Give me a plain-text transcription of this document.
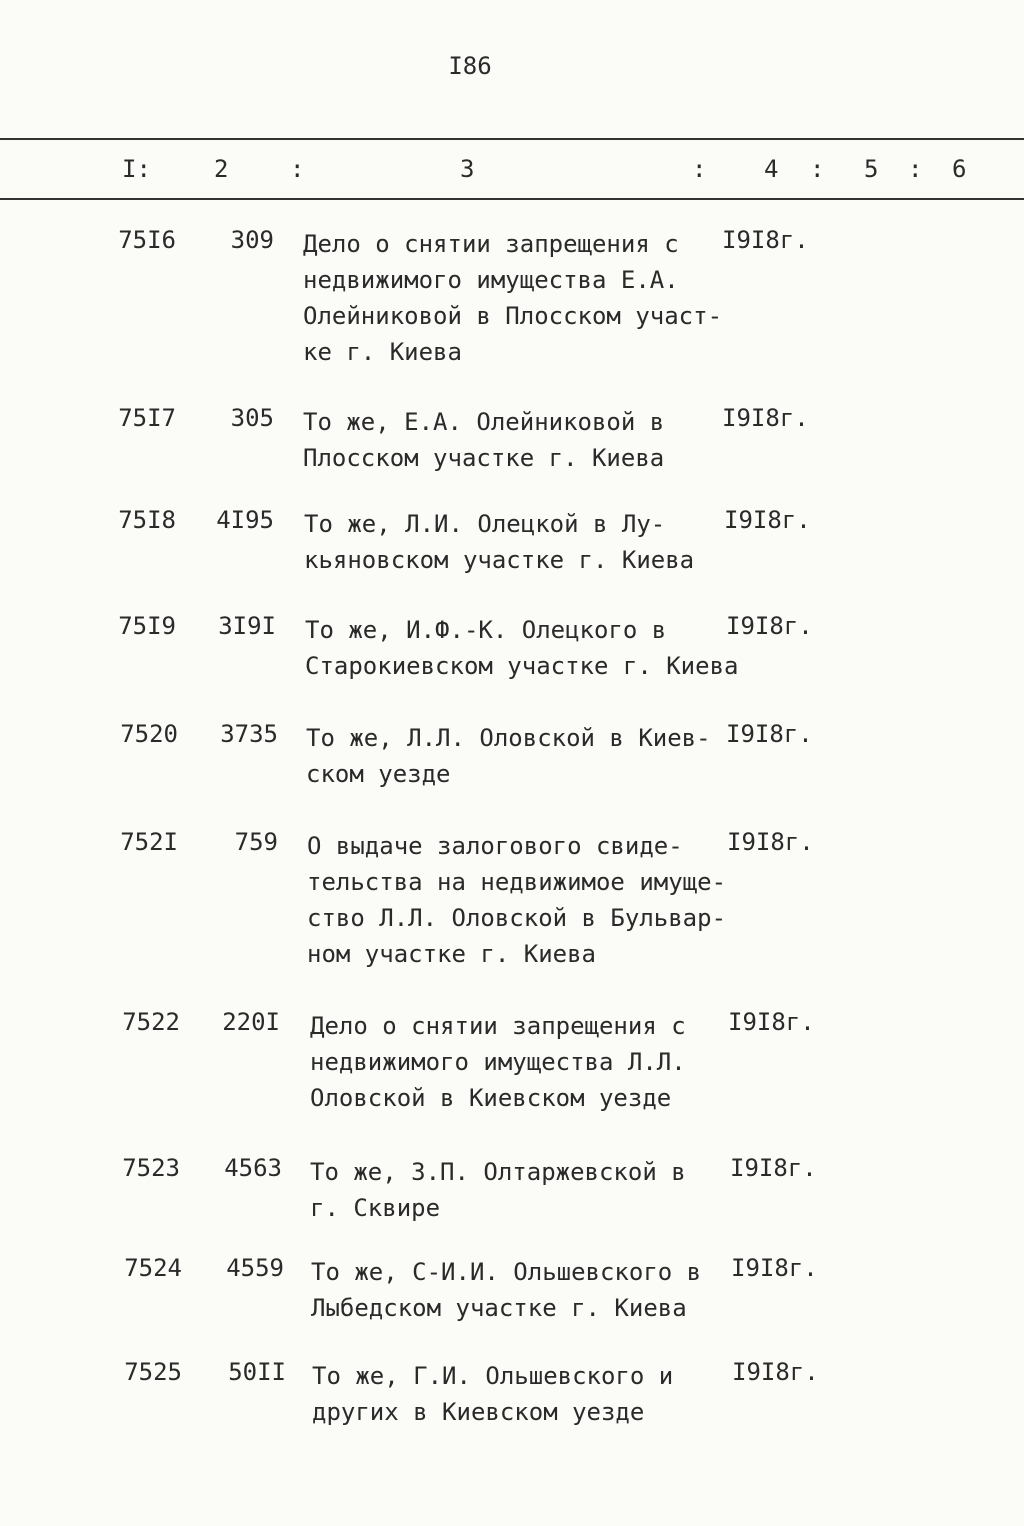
I86
I:	2	:	3	: 4 : 5 : 6
75I6	309 Дело о снятии запрещения с
недвижимого имущества Е.А.
Олейниковой в Плосском участ-
ке г. Киева
I9I8г.
75I7	305 То же, Е.А. Олейниковой в
Плосском участке г. Киева
I9I8г.
75I8	4I95 То же, Л.И. Олецкой в Лу-
кьяновском участке г. Киева
I9I8г.
75I9	3I9I То же, И.Ф.-К. Олецкого в
Старокиевском участке г. Киева
I9I8г.
7520	3735 То же, Л.Л. Оловской в Киев-
ском уезде
I9I8г.
752I	759 О выдаче залогового свиде-
тельства на недвижимое имуще-
ство Л.Л. Оловской в Бульвар-
ном участке г. Киева
I9I8г.
7522	220I Дело о снятии запрещения с
недвижимого имущества Л.Л.
Оловской в Киевском уезде
I9I8г.
7523	4563 То же, З.П. Олтаржевской в
г. Сквире
I9I8г.
7524	4559 То же, С-И.И. Ольшевского в
Лыбедском участке г. Киева
I9I8г.
7525	50II То же, Г.И. Ольшевского и
других в Киевском уезде
I9I8г.
